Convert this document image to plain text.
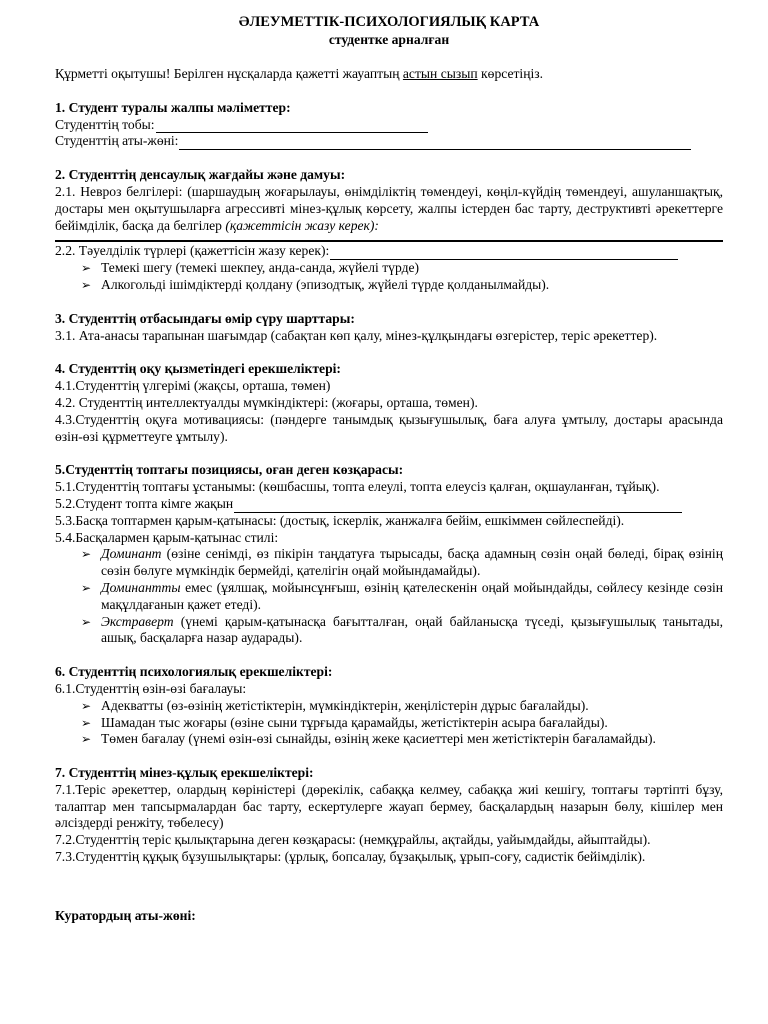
ӘЛЕУМЕТТІК-ПСИХОЛОГИЯЛЫҚ КАРТА
студентке арналған
Құрметті оқытушы! Берілген нұсқаларда қажетті жауаптың астын сызып көрсетіңіз.
1. Студент туралы жалпы мәліметтер:
Студенттің тобы:
Студенттің аты-жөні:
2. Студенттің денсаулық жағдайы және дамуы:
2.1. Невроз белгілері: (шаршаудың жоғарылауы, өнімділіктің төмендеуі, көңіл-күйдің төмендеуі, ашуланшақтық, достары мен оқытушыларға агрессивті мінез-құлық көрсету, жалпы істерден бас тарту, деструктивті әрекеттерге бейімділік, басқа да белгілер (қажеттісін жазу керек):
2.2. Тәуелділік түрлері (қажеттісін жазу керек):
➢ Темекі шегу (темекі шекпеу, анда-санда, жүйелі түрде)
➢ Алкогольді ішімдіктерді қолдану (эпизодтық, жүйелі түрде қолданылмайды).
3. Студенттің отбасындағы өмір сүру шарттары:
3.1. Ата-анасы тарапынан шағымдар (сабақтан көп қалу, мінез-құлқындағы өзгерістер, теріс әрекеттер).
4. Студенттің оқу қызметіндегі ерекшеліктері:
4.1.Студенттің үлгерімі (жақсы, орташа, төмен)
4.2. Студенттің интеллектуалды мүмкіндіктері: (жоғары, орташа, төмен).
4.3.Студенттің оқуға мотивациясы: (пәндерге танымдық қызығушылық, баға алуға ұмтылу, достары арасында өзін-өзі құрметтеуге ұмтылу).
5.Студенттің топтағы позициясы, оған деген көзқарасы:
5.1.Студенттің топтағы ұстанымы: (көшбасшы, топта елеулі, топта елеусіз қалған, оқшауланған, тұйық).
5.2.Студент топта кімге жақын
5.3.Басқа топтармен қарым-қатынасы: (достық, іскерлік, жанжалға бейім, ешкіммен сөйлеспейді).
5.4.Басқалармен қарым-қатынас стилі:
➢ Доминант (өзіне сенімді, өз пікірін таңдатуға тырысады, басқа адамның сөзін оңай бөледі, бірақ өзінің сөзін бөлуге мүмкіндік бермейді, қателігін оңай мойындамайды).
➢ Доминантты емес (ұялшақ, мойынсұнғыш, өзінің қателескенін оңай мойындайды, сөйлесу кезінде сөзін мақұлдағанын қажет етеді).
➢ Экстраверт (үнемі қарым-қатынасқа бағытталған, оңай байланысқа түседі, қызығушылық танытады, ашық, басқаларға назар аударады).
6. Студенттің психологиялық ерекшеліктері:
6.1.Студенттің өзін-өзі бағалауы:
➢ Адекватты (өз-өзінің жетістіктерін, мүмкіндіктерін, жеңілістерін дұрыс бағалайды).
➢ Шамадан тыс жоғары (өзіне сыни тұрғыда қарамайды, жетістіктерін асыра бағалайды).
➢ Төмен бағалау (үнемі өзін-өзі сынайды, өзінің жеке қасиеттері мен жетістіктерін бағаламайды).
7. Студенттің мінез-құлық ерекшеліктері:
7.1.Теріс әрекеттер, олардың көріністері (дөрекілік, сабаққа келмеу, сабаққа жиі кешігу, топтағы тәртіпті бұзу, талаптар мен тапсырмалардан бас тарту, ескертулерге жауап бермеу, басқалардың назарын бөлу, кішілер мен әлсіздерді ренжіту, төбелесу)
7.2.Студенттің теріс қылықтарына деген көзқарасы: (немқұрайлы, ақтайды, уайымдайды, айыптайды).
7.3.Студенттің құқық бұзушылықтары: (ұрлық, бопсалау, бұзақылық, ұрып-соғу, садистік бейімділік).
Куратордың аты-жөні:
